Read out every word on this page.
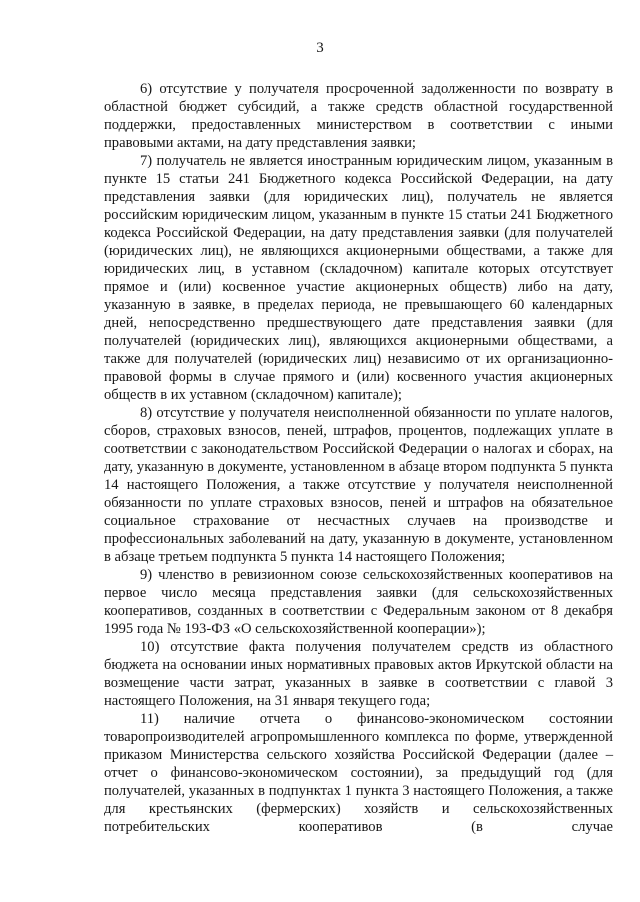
3

6) отсутствие у получателя просроченной задолженности по возврату в областной бюджет субсидий, а также средств областной государственной поддержки, предоставленных министерством в соответствии с иными правовыми актами, на дату представления заявки;

7) получатель не является иностранным юридическим лицом, указанным в пункте 15 статьи 241 Бюджетного кодекса Российской Федерации, на дату представления заявки (для юридических лиц), получатель не является российским юридическим лицом, указанным в пункте 15 статьи 241 Бюджетного кодекса Российской Федерации, на дату представления заявки (для получателей (юридических лиц), не являющихся акционерными обществами, а также для юридических лиц, в уставном (складочном) капитале которых отсутствует прямое и (или) косвенное участие акционерных обществ) либо на дату, указанную в заявке, в пределах периода, не превышающего 60 календарных дней, непосредственно предшествующего дате представления заявки (для получателей (юридических лиц), являющихся акционерными обществами, а также для получателей (юридических лиц) независимо от их организационно-правовой формы в случае прямого и (или) косвенного участия акционерных обществ в их уставном (складочном) капитале);

8) отсутствие у получателя неисполненной обязанности по уплате налогов, сборов, страховых взносов, пеней, штрафов, процентов, подлежащих уплате в соответствии с законодательством Российской Федерации о налогах и сборах, на дату, указанную в документе, установленном в абзаце втором подпункта 5 пункта 14 настоящего Положения, а также отсутствие у получателя неисполненной обязанности по уплате страховых взносов, пеней и штрафов на обязательное социальное страхование от несчастных случаев на производстве и профессиональных заболеваний на дату, указанную в документе, установленном в абзаце третьем подпункта 5 пункта 14 настоящего Положения;

9) членство в ревизионном союзе сельскохозяйственных кооперативов на первое число месяца представления заявки (для сельскохозяйственных кооперативов, созданных в соответствии с Федеральным законом от 8 декабря 1995 года № 193-ФЗ «О сельскохозяйственной кооперации»);

10) отсутствие факта получения получателем средств из областного бюджета на основании иных нормативных правовых актов Иркутской области на возмещение части затрат, указанных в заявке в соответствии с главой 3 настоящего Положения, на 31 января текущего года;

11) наличие отчета о финансово-экономическом состоянии товаропроизводителей агропромышленного комплекса по форме, утвержденной приказом Министерства сельского хозяйства Российской Федерации (далее – отчет о финансово-экономическом состоянии), за предыдущий год (для получателей, указанных в подпунктах 1 пункта 3 настоящего Положения, а также для крестьянских (фермерских) хозяйств и сельскохозяйственных потребительских кооперативов (в случае
